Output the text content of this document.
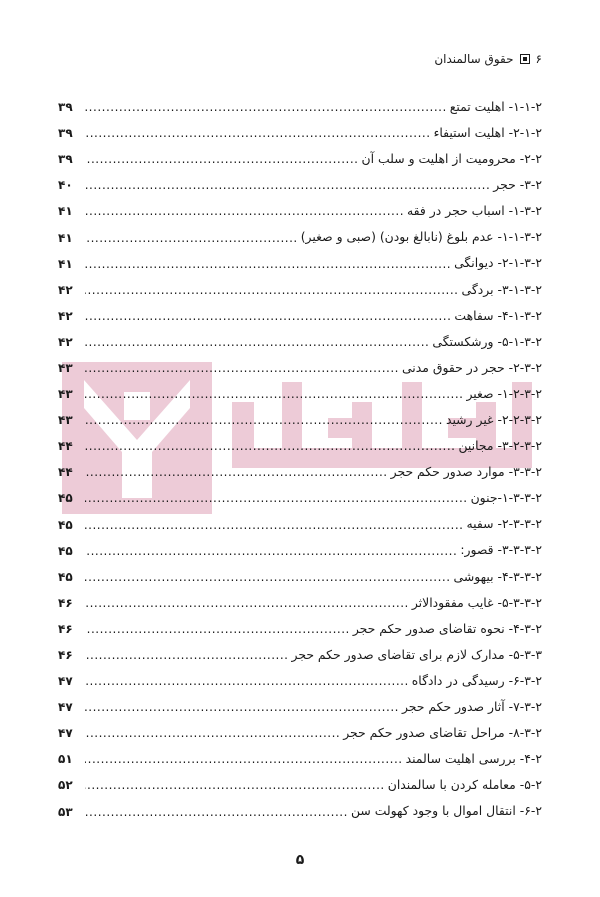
۶
حقوق سالمندان
۱-۱-۲- اهلیت تمتع
.....
۳۹
۲-۱-۲- اهلیت استیفاء
.....
۳۹
۲-۲- محرومیت از اهلیت و سلب آن
.....
۳۹
۳-۲- حجر
.....
۴۰
۱-۳-۲- اسباب حجر در فقه
.....
۴۱
۱-۱-۳-۲- عدم بلوغ (نابالغ بودن) (صبی و صغیر)
.....
۴۱
۲-۱-۳-۲- دیوانگی
.....
۴۱
۳-۱-۳-۲- بردگی
.....
۴۲
۴-۱-۳-۲- سفاهت
.....
۴۲
۵-۱-۳-۲- ورشکستگی
.....
۴۲
۲-۳-۲- حجر در حقوق مدنی
.....
۴۳
۱-۲-۳-۲- صغیر
.....
۴۳
۲-۲-۳-۲- غیر رشید
.....
۴۳
۳-۲-۳-۲- مجانین
.....
۴۴
۳-۳-۲- موارد صدور حکم حجر
.....
۴۴
۱-۳-۳-۲-جنون
.....
۴۵
۲-۳-۳-۲- سفیه
.....
۴۵
۳-۳-۳-۲- قصور:
.....
۴۵
۴-۳-۳-۲- بیهوشی
.....
۴۵
۵-۳-۳-۲- غایب مفقودالاثر
.....
۴۶
۴-۳-۲- نحوه تقاضای صدور حکم حجر
.....
۴۶
۵-۳-۳- مدارک لازم برای تقاضای صدور حکم حجر
.....
۴۶
۶-۳-۲- رسیدگی در دادگاه
.....
۴۷
۷-۳-۲- آثار صدور حکم حجر
.....
۴۷
۸-۳-۲- مراحل تقاضای صدور حکم حجر
.....
۴۷
۴-۲- بررسی اهلیت سالمند
.....
۵۱
۵-۲- معامله کردن با سالمندان
.....
۵۲
۶-۲- انتقال اموال با وجود کهولت سن
.....
۵۳
۵
